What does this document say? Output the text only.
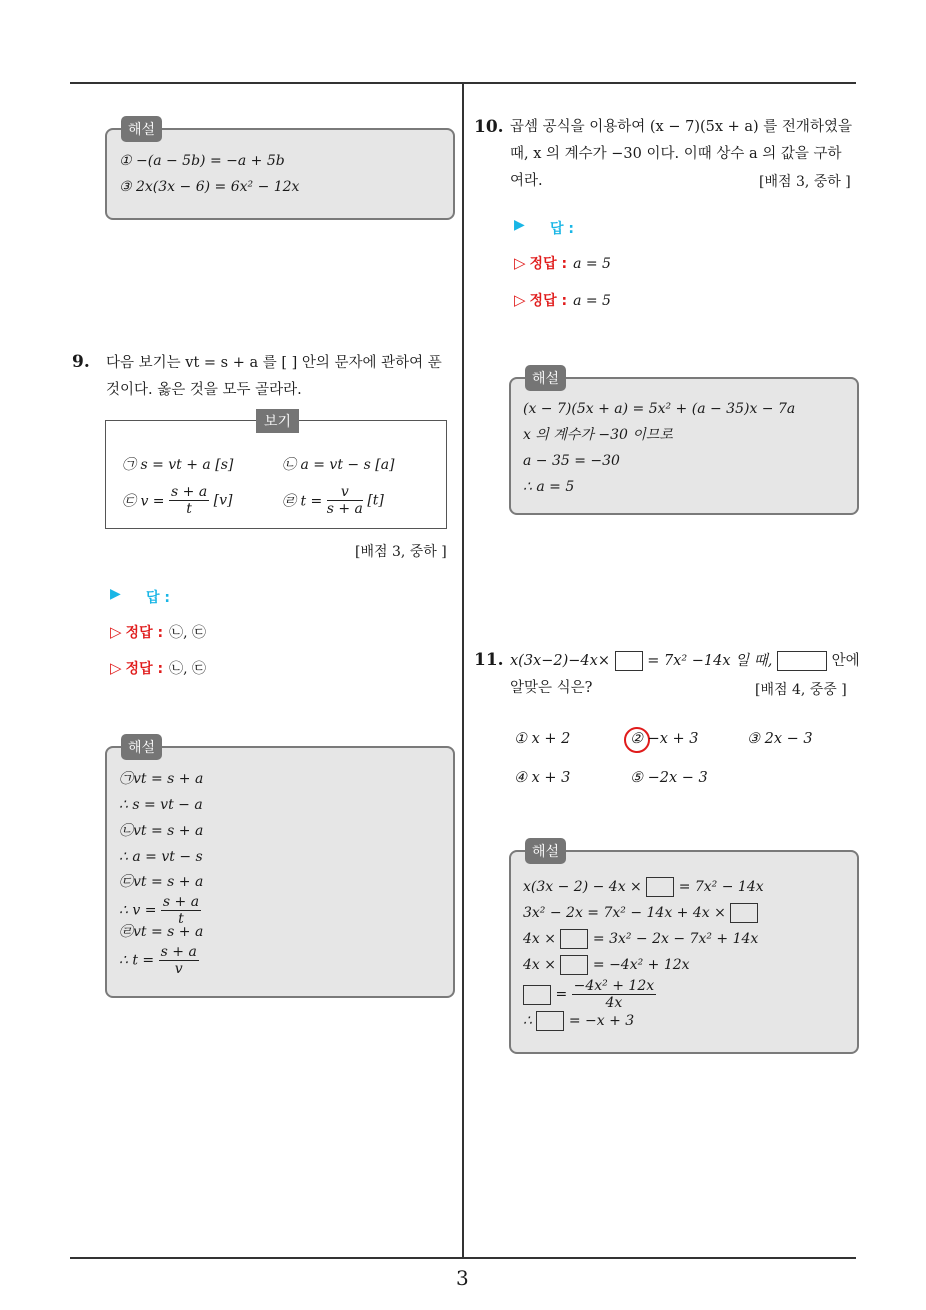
3
해설
① −(a − 5b) = −a + 5b
③ 2x(3x − 6) = 6x² − 12x
9. 다음 보기는 vt = s + a 를 [ ] 안의 문자에 관하여 푼
것이다. 옳은 것을 모두 골라라.
보기
㉠ s = vt + a [s]	㉡ a = vt − s [a]
㉢ $v = \frac{s + a}{t} [v]$	㉣ $t = \frac{v}{s + a} [t]$
[배점 3, 중하 ]
▶ 답 :
▷ 정답 : ㉡, ㉢
▷ 정답 : ㉡, ㉢
해설
㉠vt = s + a
∴ s = vt − a
㉡vt = s + a
∴ a = vt − s
㉢vt = s + a
∴ $v = \frac{s + a}{t}$
㉣vt = s + a
∴ $t = \frac{s + a}{v}$
10. 곱셈 공식을 이용하여 (x − 7)(5x + a) 를 전개하였을
때, x 의 계수가 −30 이다. 이때 상수 a 의 값을 구하
여라.	[배점 3, 중하 ]
▶ 답 :
▷ 정답 : a = 5
▷ 정답 : a = 5
해설
(x − 7)(5x + a) = 5x² + (a − 35)x − 7a
x 의 계수가 −30 이므로
a − 35 = −30
∴ a = 5
11. x(3x−2)−4x×	= 7x² −14x 일 때,	안에
알맞은 식은?	[배점 4, 중중 ]
① x + 2	② −x + 3	③ 2x − 3
④ x + 3	⑤ −2x − 3
해설
x(3x − 2) − 4x ×	= 7x² − 14x
3x² − 2x = 7x² − 14x + 4x ×
4x ×	= 3x² − 2x − 7x² + 14x
4x ×	= −4x² + 12x
= $\frac{\text{−4x² + 12x}}{4x}$
∴	= −x + 3
